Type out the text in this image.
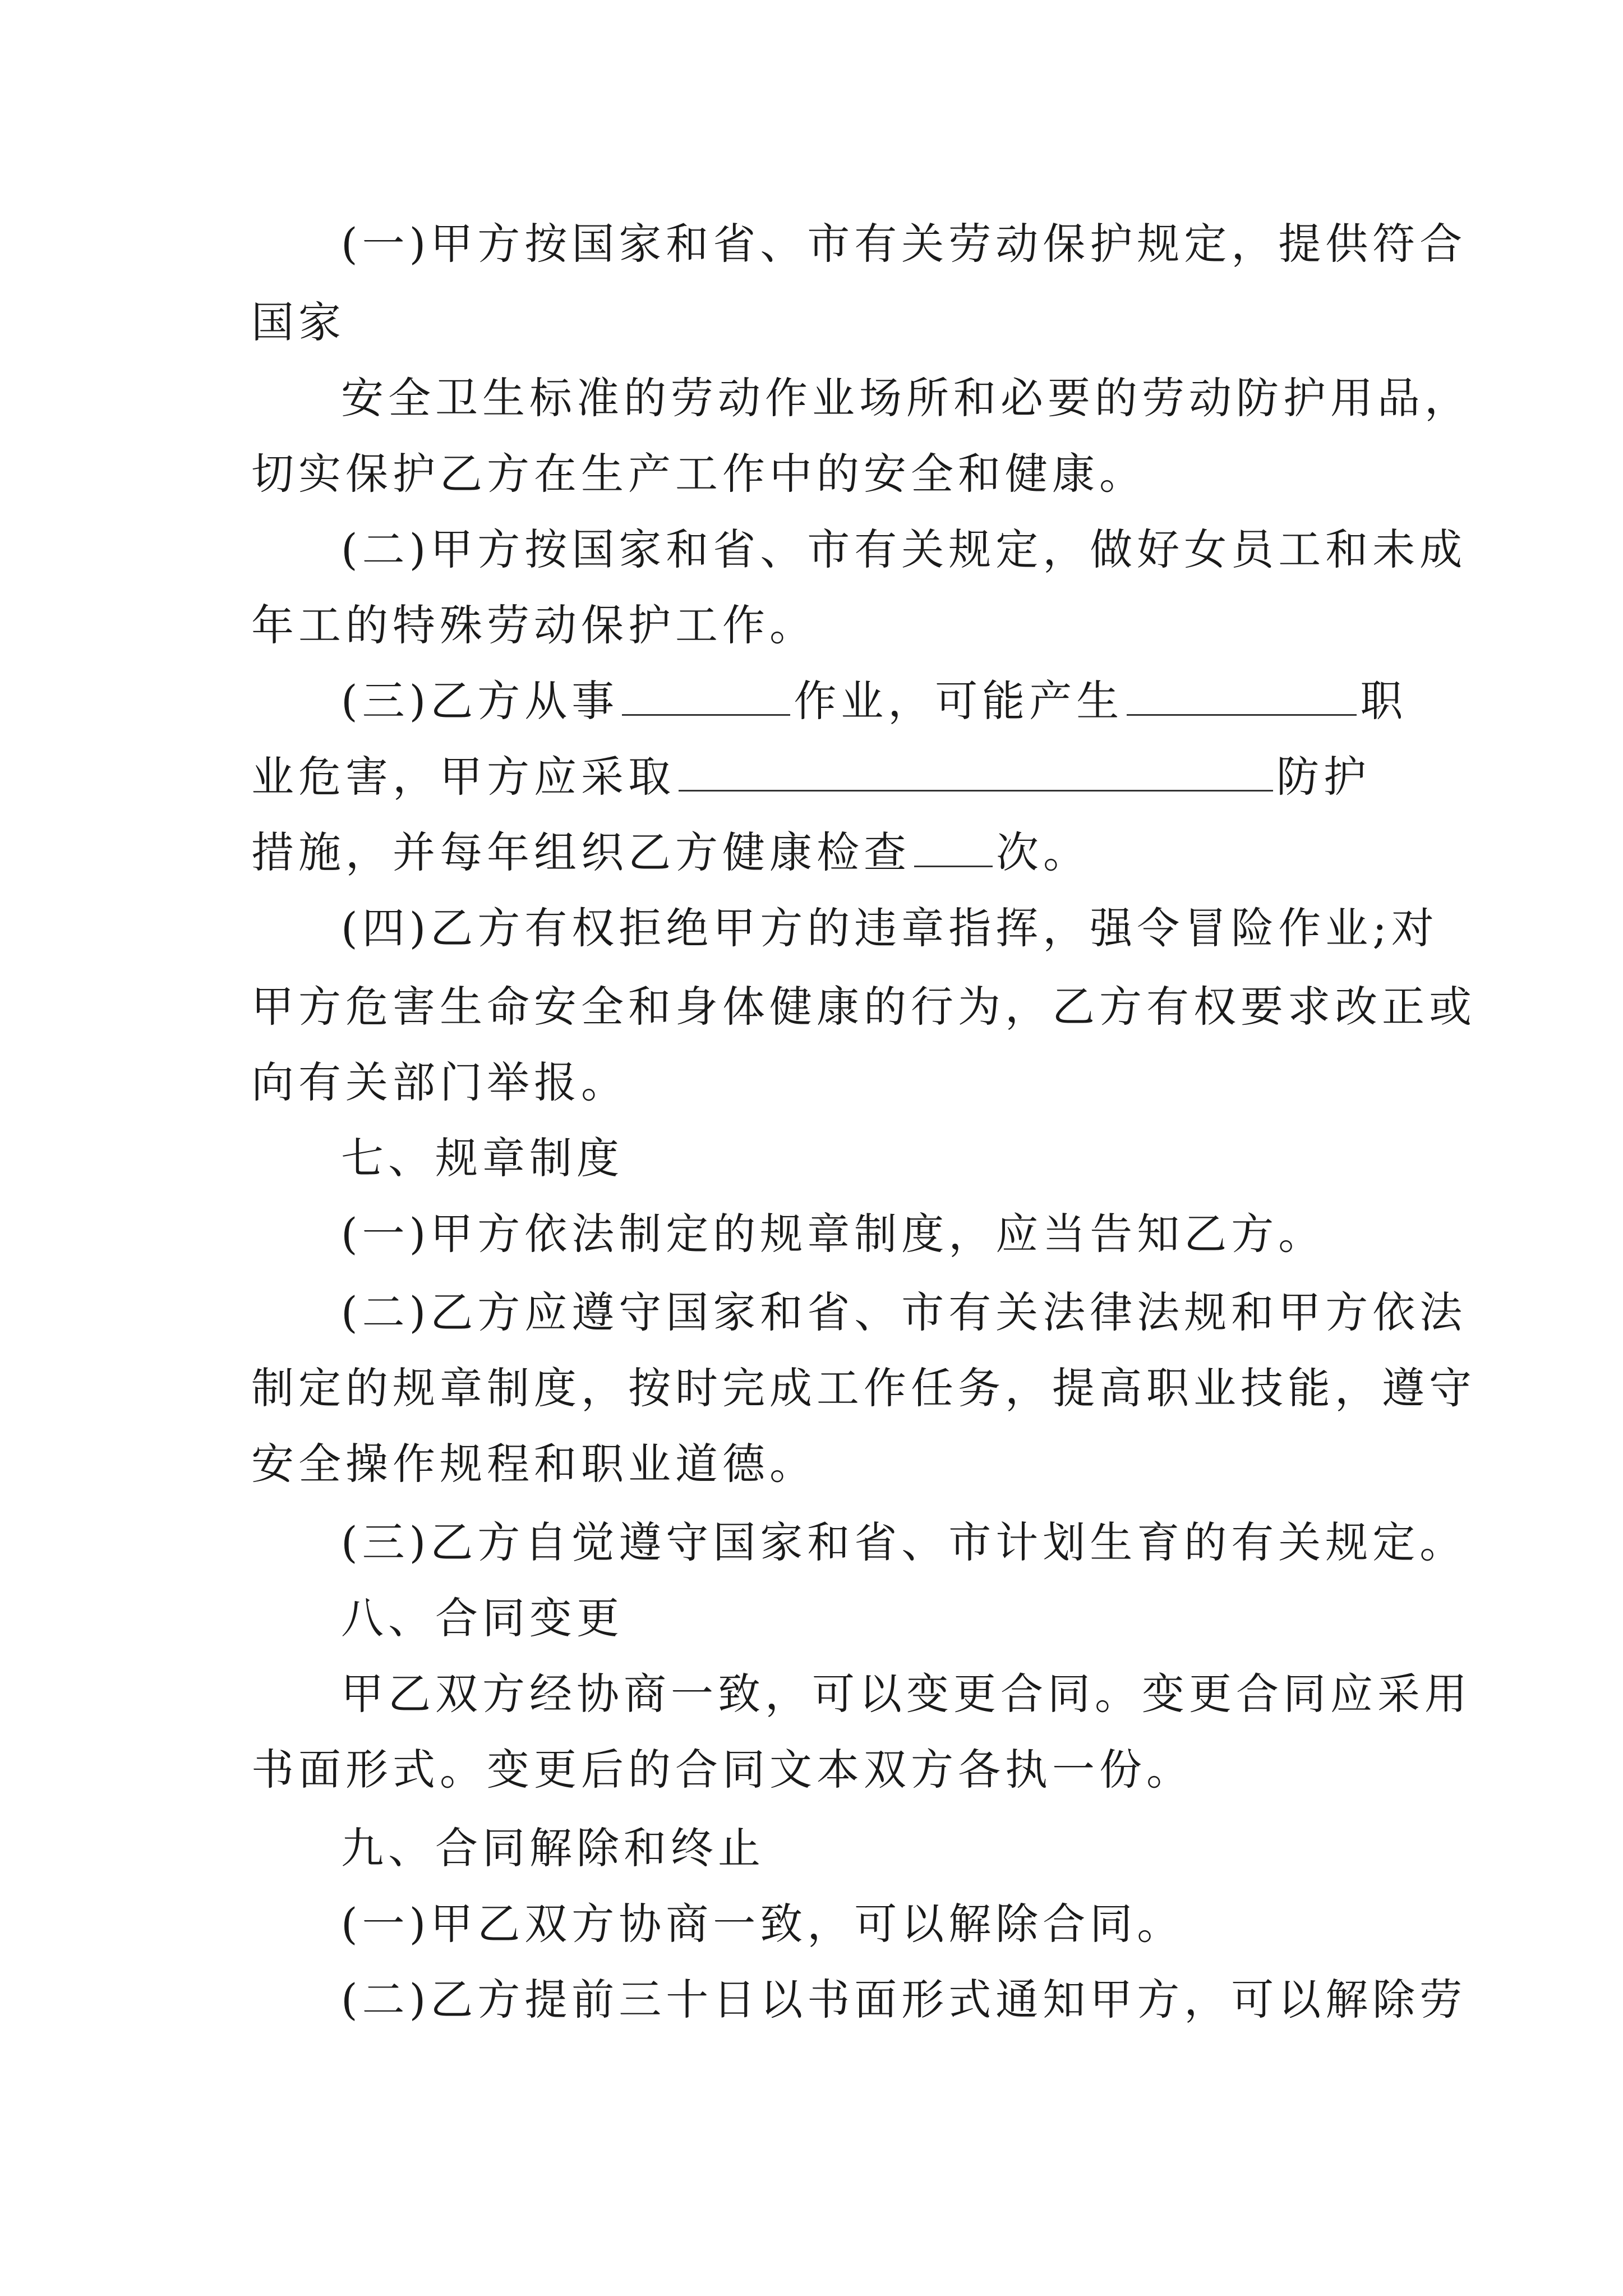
(一)甲方按国家和省、市有关劳动保护规定，提供符合
国家
安全卫生标准的劳动作业场所和必要的劳动防护用品，
切实保护乙方在生产工作中的安全和健康。
(二)甲方按国家和省、市有关规定，做好女员工和未成
年工的特殊劳动保护工作。
(三)乙方从事	作业，可能产生	职
业危害，甲方应采取	防护
措施，并每年组织乙方健康检查 次。
(四)乙方有权拒绝甲方的违章指挥，强令冒险作业;对
甲方危害生命安全和身体健康的行为，乙方有权要求改正或
向有关部门举报。
七、规章制度
(一)甲方依法制定的规章制度，应当告知乙方。
(二)乙方应遵守国家和省、市有关法律法规和甲方依法
制定的规章制度，按时完成工作任务，提高职业技能，遵守
安全操作规程和职业道德。
(三)乙方自觉遵守国家和省、市计划生育的有关规定。
八、合同变更
甲乙双方经协商一致，可以变更合同。变更合同应采用
书面形式。变更后的合同文本双方各执一份。
九、合同解除和终止
(一)甲乙双方协商一致，可以解除合同。
(二)乙方提前三十日以书面形式通知甲方，可以解除劳
